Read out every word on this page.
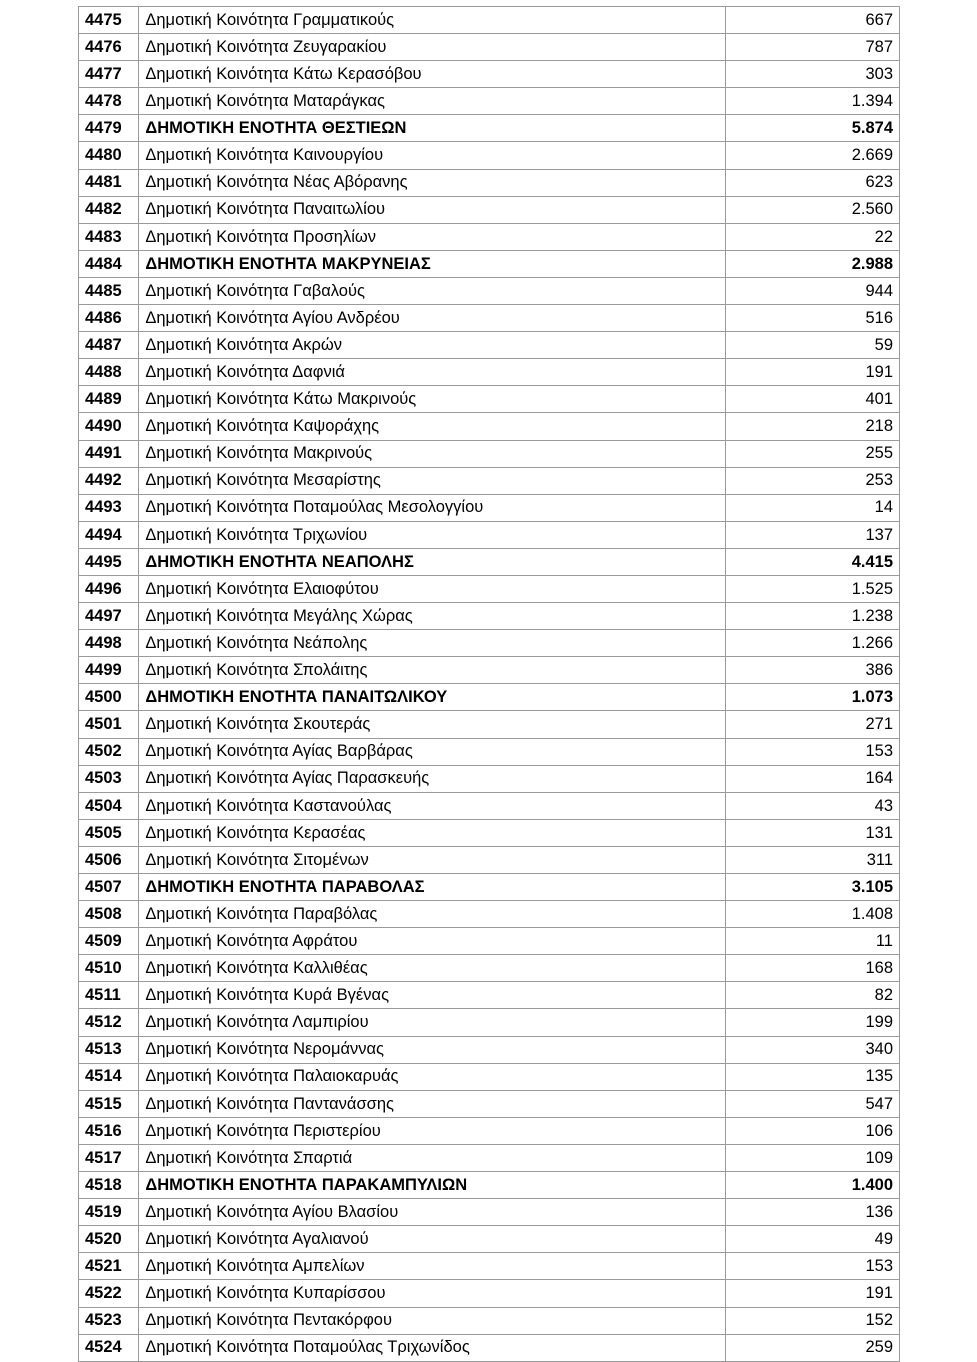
4475	Δημοτική Κοινότητα Γραμματικούς	667
4476	Δημοτική Κοινότητα Ζευγαρακίου	787
4477	Δημοτική Κοινότητα Κάτω Κερασόβου	303
4478	Δημοτική Κοινότητα Ματαράγκας	1.394
4479	ΔΗΜΟΤΙΚΗ ΕΝΟΤΗΤΑ ΘΕΣΤΙΕΩΝ	5.874
4480	Δημοτική Κοινότητα Καινουργίου	2.669
4481	Δημοτική Κοινότητα Νέας Αβόρανης	623
4482	Δημοτική Κοινότητα Παναιτωλίου	2.560
4483	Δημοτική Κοινότητα Προσηλίων	22
4484	ΔΗΜΟΤΙΚΗ ΕΝΟΤΗΤΑ ΜΑΚΡΥΝΕΙΑΣ	2.988
4485	Δημοτική Κοινότητα Γαβαλούς	944
4486	Δημοτική Κοινότητα Αγίου Ανδρέου	516
4487	Δημοτική Κοινότητα Ακρών	59
4488	Δημοτική Κοινότητα Δαφνιά	191
4489	Δημοτική Κοινότητα Κάτω Μακρινούς	401
4490	Δημοτική Κοινότητα Καψοράχης	218
4491	Δημοτική Κοινότητα Μακρινούς	255
4492	Δημοτική Κοινότητα Μεσαρίστης	253
4493	Δημοτική Κοινότητα Ποταμούλας Μεσολογγίου	14
4494	Δημοτική Κοινότητα Τριχωνίου	137
4495	ΔΗΜΟΤΙΚΗ ΕΝΟΤΗΤΑ ΝΕΑΠΟΛΗΣ	4.415
4496	Δημοτική Κοινότητα Ελαιοφύτου	1.525
4497	Δημοτική Κοινότητα Μεγάλης Χώρας	1.238
4498	Δημοτική Κοινότητα Νεάπολης	1.266
4499	Δημοτική Κοινότητα Σπολάιτης	386
4500	ΔΗΜΟΤΙΚΗ ΕΝΟΤΗΤΑ ΠΑΝΑΙΤΩΛΙΚΟΥ	1.073
4501	Δημοτική Κοινότητα Σκουτεράς	271
4502	Δημοτική Κοινότητα Αγίας Βαρβάρας	153
4503	Δημοτική Κοινότητα Αγίας Παρασκευής	164
4504	Δημοτική Κοινότητα Καστανούλας	43
4505	Δημοτική Κοινότητα Κερασέας	131
4506	Δημοτική Κοινότητα Σιτομένων	311
4507	ΔΗΜΟΤΙΚΗ ΕΝΟΤΗΤΑ ΠΑΡΑΒΟΛΑΣ	3.105
4508	Δημοτική Κοινότητα Παραβόλας	1.408
4509	Δημοτική Κοινότητα Αφράτου	11
4510	Δημοτική Κοινότητα Καλλιθέας	168
4511	Δημοτική Κοινότητα Κυρά Βγένας	82
4512	Δημοτική Κοινότητα Λαμπιρίου	199
4513	Δημοτική Κοινότητα Νερομάννας	340
4514	Δημοτική Κοινότητα Παλαιοκαρυάς	135
4515	Δημοτική Κοινότητα Παντανάσσης	547
4516	Δημοτική Κοινότητα Περιστερίου	106
4517	Δημοτική Κοινότητα Σπαρτιά	109
4518	ΔΗΜΟΤΙΚΗ ΕΝΟΤΗΤΑ ΠΑΡΑΚΑΜΠΥΛΙΩΝ	1.400
4519	Δημοτική Κοινότητα Αγίου Βλασίου	136
4520	Δημοτική Κοινότητα Αγαλιανού	49
4521	Δημοτική Κοινότητα Αμπελίων	153
4522	Δημοτική Κοινότητα Κυπαρίσσου	191
4523	Δημοτική Κοινότητα Πεντακόρφου	152
4524	Δημοτική Κοινότητα Ποταμούλας Τριχωνίδος	259
